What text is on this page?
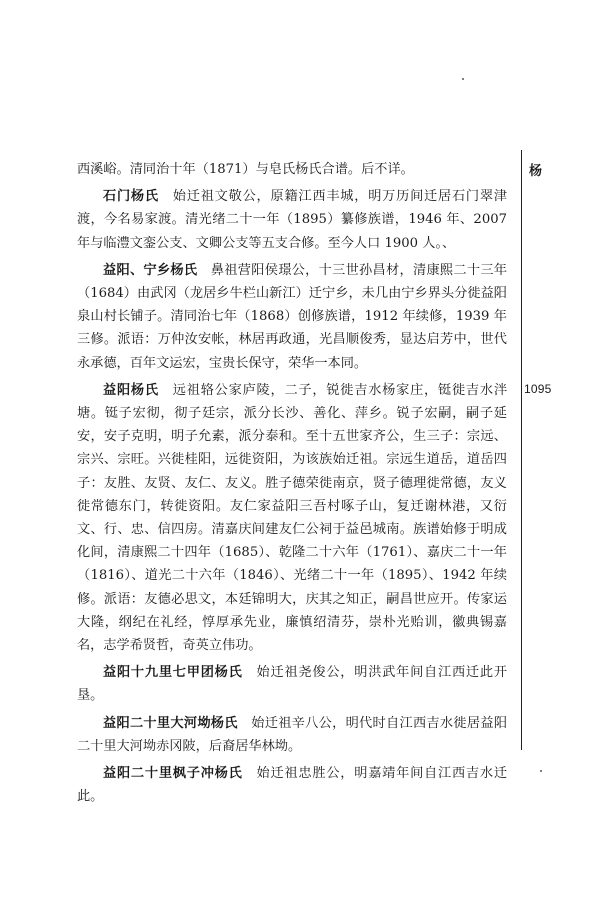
西溪峪。清同治十年（1871）与皂氏杨氏合谱。后不详。

石门杨氏  始迁祖文敬公，原籍江西丰城，明万历间迁居石门翠津渡，今名易家渡。清光绪二十一年（1895）纂修族谱，1946 年、2007 年与临澧文銮公支、文卿公支等五支合修。至今人口 1900 人。、

益阳、宁乡杨氏  鼻祖营阳侯璟公，十三世孙昌材，清康熙二十三年（1684）由武冈（龙居乡牛栏山新江）迁宁乡，未几由宁乡界头分徙益阳泉山村长铺子。清同治七年（1868）创修族谱，1912 年续修，1939 年三修。派语：万仲汝安帐，林居再政通，光昌顺俊秀，显达启芳中，世代永承德，百年文运宏，宝贵长保守，荣华一本同。

益阳杨氏  远祖辂公家庐陵，二子，锐徙吉水杨家庄，铤徙吉水泮塘。铤子宏彻，彻子廷宗，派分长沙、善化、萍乡。锐子宏嗣，嗣子延安，安子克明，明子允素，派分泰和。至十五世家齐公，生三子：宗远、宗兴、宗旺。兴徙桂阳，远徙资阳，为该族始迁祖。宗远生道岳，道岳四子：友胜、友贤、友仁、友义。胜子德荣徙南京，贤子德理徙常德，友义徙常德东门，转徙资阳。友仁家益阳三吾村啄子山，复迁谢林港，又衍文、行、忠、信四房。清嘉庆间建友仁公祠于益邑城南。族谱始修于明成化间，清康熙二十四年（1685）、乾隆二十六年（1761）、嘉庆二十一年（1816）、道光二十六年（1846）、光绪二十一年（1895）、1942 年续修。派语：友德必思文，本廷锦明大，庆其之知正，嗣昌世应开。传家运大隆，纲纪在礼经，惇厚承先业，廉慎绍清芬，崇朴光贻训，徽典锡嘉名，志学希贤哲，奇英立伟功。

益阳十九里七甲团杨氏  始迁祖尧俊公，明洪武年间自江西迁此开垦。

益阳二十里大河坳杨氏  始迁祖辛八公，明代时自江西吉水徙居益阳二十里大河坳赤冈陂，后裔居华林坳。

益阳二十里枫子冲杨氏  始迁祖忠胜公，明嘉靖年间自江西吉水迁此。

杨
1095
